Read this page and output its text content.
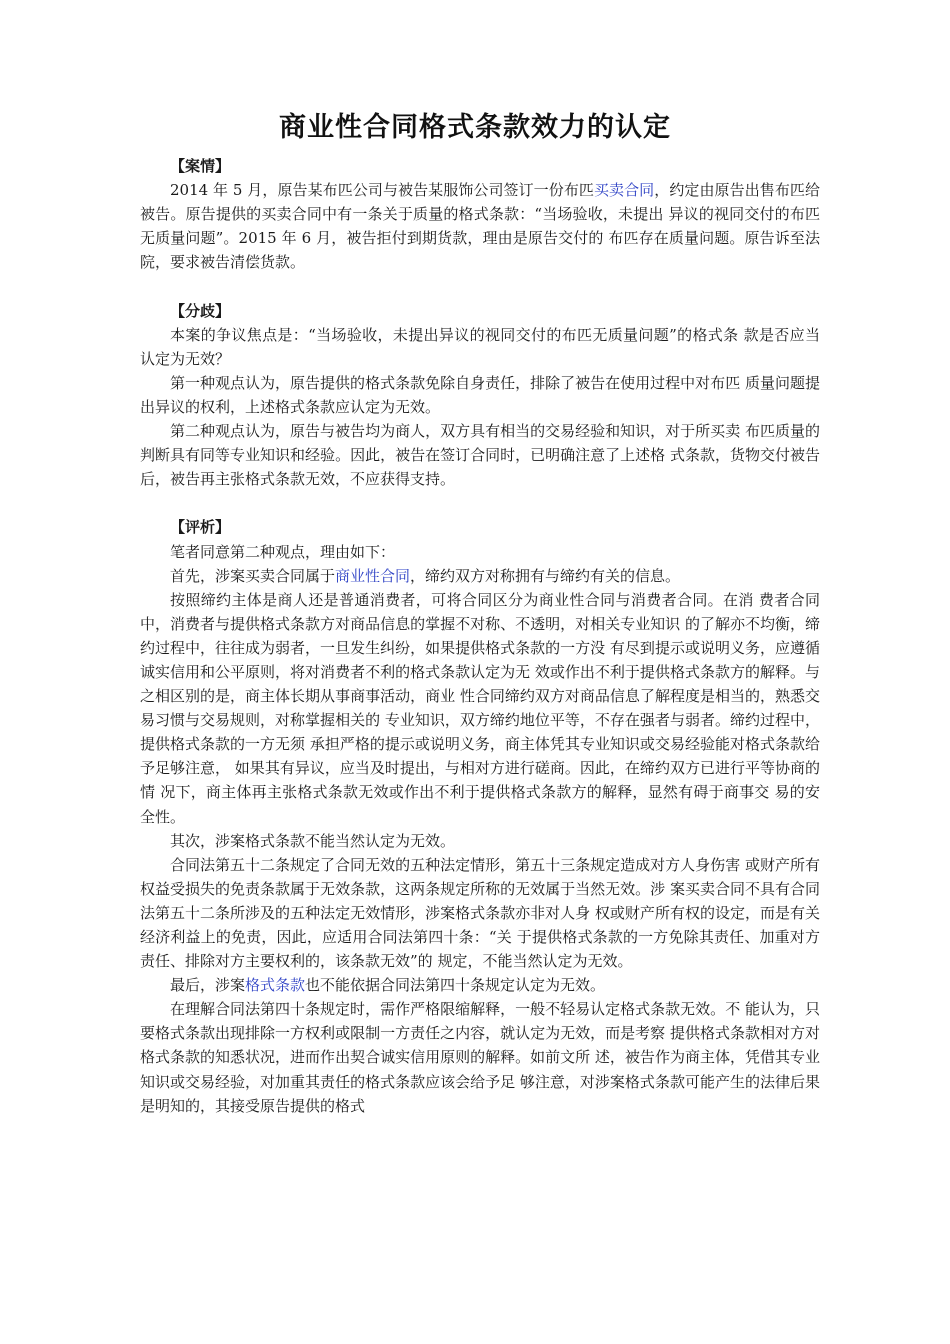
商业性合同格式条款效力的认定
【案情】

2014 年 5 月，原告某布匹公司与被告某服饰公司签订一份布匹买卖合同，约定由原告出售布匹给被告。原告提供的买卖合同中有一条关于质量的格式条款：“当场验收，未提出 异议的视同交付的布匹无质量问题”。2015 年 6 月，被告拒付到期货款，理由是原告交付的 布匹存在质量问题。原告诉至法院，要求被告清偿货款。

【分歧】

本案的争议焦点是：“当场验收，未提出异议的视同交付的布匹无质量问题”的格式条 款是否应当认定为无效？

第一种观点认为，原告提供的格式条款免除自身责任，排除了被告在使用过程中对布匹 质量问题提出异议的权利，上述格式条款应认定为无效。

第二种观点认为，原告与被告均为商人，双方具有相当的交易经验和知识，对于所买卖 布匹质量的判断具有同等专业知识和经验。因此，被告在签订合同时，已明确注意了上述格 式条款，货物交付被告后，被告再主张格式条款无效，不应获得支持。

【评析】

笔者同意第二种观点，理由如下：

首先，涉案买卖合同属于商业性合同，缔约双方对称拥有与缔约有关的信息。

按照缔约主体是商人还是普通消费者，可将合同区分为商业性合同与消费者合同。在消 费者合同中，消费者与提供格式条款方对商品信息的掌握不对称、不透明，对相关专业知识 的了解亦不均衡，缔约过程中，往往成为弱者，一旦发生纠纷，如果提供格式条款的一方没 有尽到提示或说明义务，应遵循诚实信用和公平原则，将对消费者不利的格式条款认定为无 效或作出不利于提供格式条款方的解释。与之相区别的是，商主体长期从事商事活动，商业 性合同缔约双方对商品信息了解程度是相当的，熟悉交易习惯与交易规则，对称掌握相关的 专业知识，双方缔约地位平等，不存在强者与弱者。缔约过程中，提供格式条款的一方无须 承担严格的提示或说明义务，商主体凭其专业知识或交易经验能对格式条款给予足够注意， 如果其有异议，应当及时提出，与相对方进行磋商。因此，在缔约双方已进行平等协商的情 况下，商主体再主张格式条款无效或作出不利于提供格式条款方的解释，显然有碍于商事交 易的安全性。

其次，涉案格式条款不能当然认定为无效。

合同法第五十二条规定了合同无效的五种法定情形，第五十三条规定造成对方人身伤害 或财产所有权益受损失的免责条款属于无效条款，这两条规定所称的无效属于当然无效。涉 案买卖合同不具有合同法第五十二条所涉及的五种法定无效情形，涉案格式条款亦非对人身 权或财产所有权的设定，而是有关经济利益上的免责，因此，应适用合同法第四十条：“关 于提供格式条款的一方免除其责任、加重对方责任、排除对方主要权利的，该条款无效”的 规定，不能当然认定为无效。

最后，涉案格式条款也不能依据合同法第四十条规定认定为无效。

在理解合同法第四十条规定时，需作严格限缩解释，一般不轻易认定格式条款无效。不 能认为，只要格式条款出现排除一方权利或限制一方责任之内容，就认定为无效，而是考察 提供格式条款相对方对格式条款的知悉状况，进而作出契合诚实信用原则的解释。如前文所 述，被告作为商主体，凭借其专业知识或交易经验，对加重其责任的格式条款应该会给予足 够注意，对涉案格式条款可能产生的法律后果是明知的，其接受原告提供的格式
